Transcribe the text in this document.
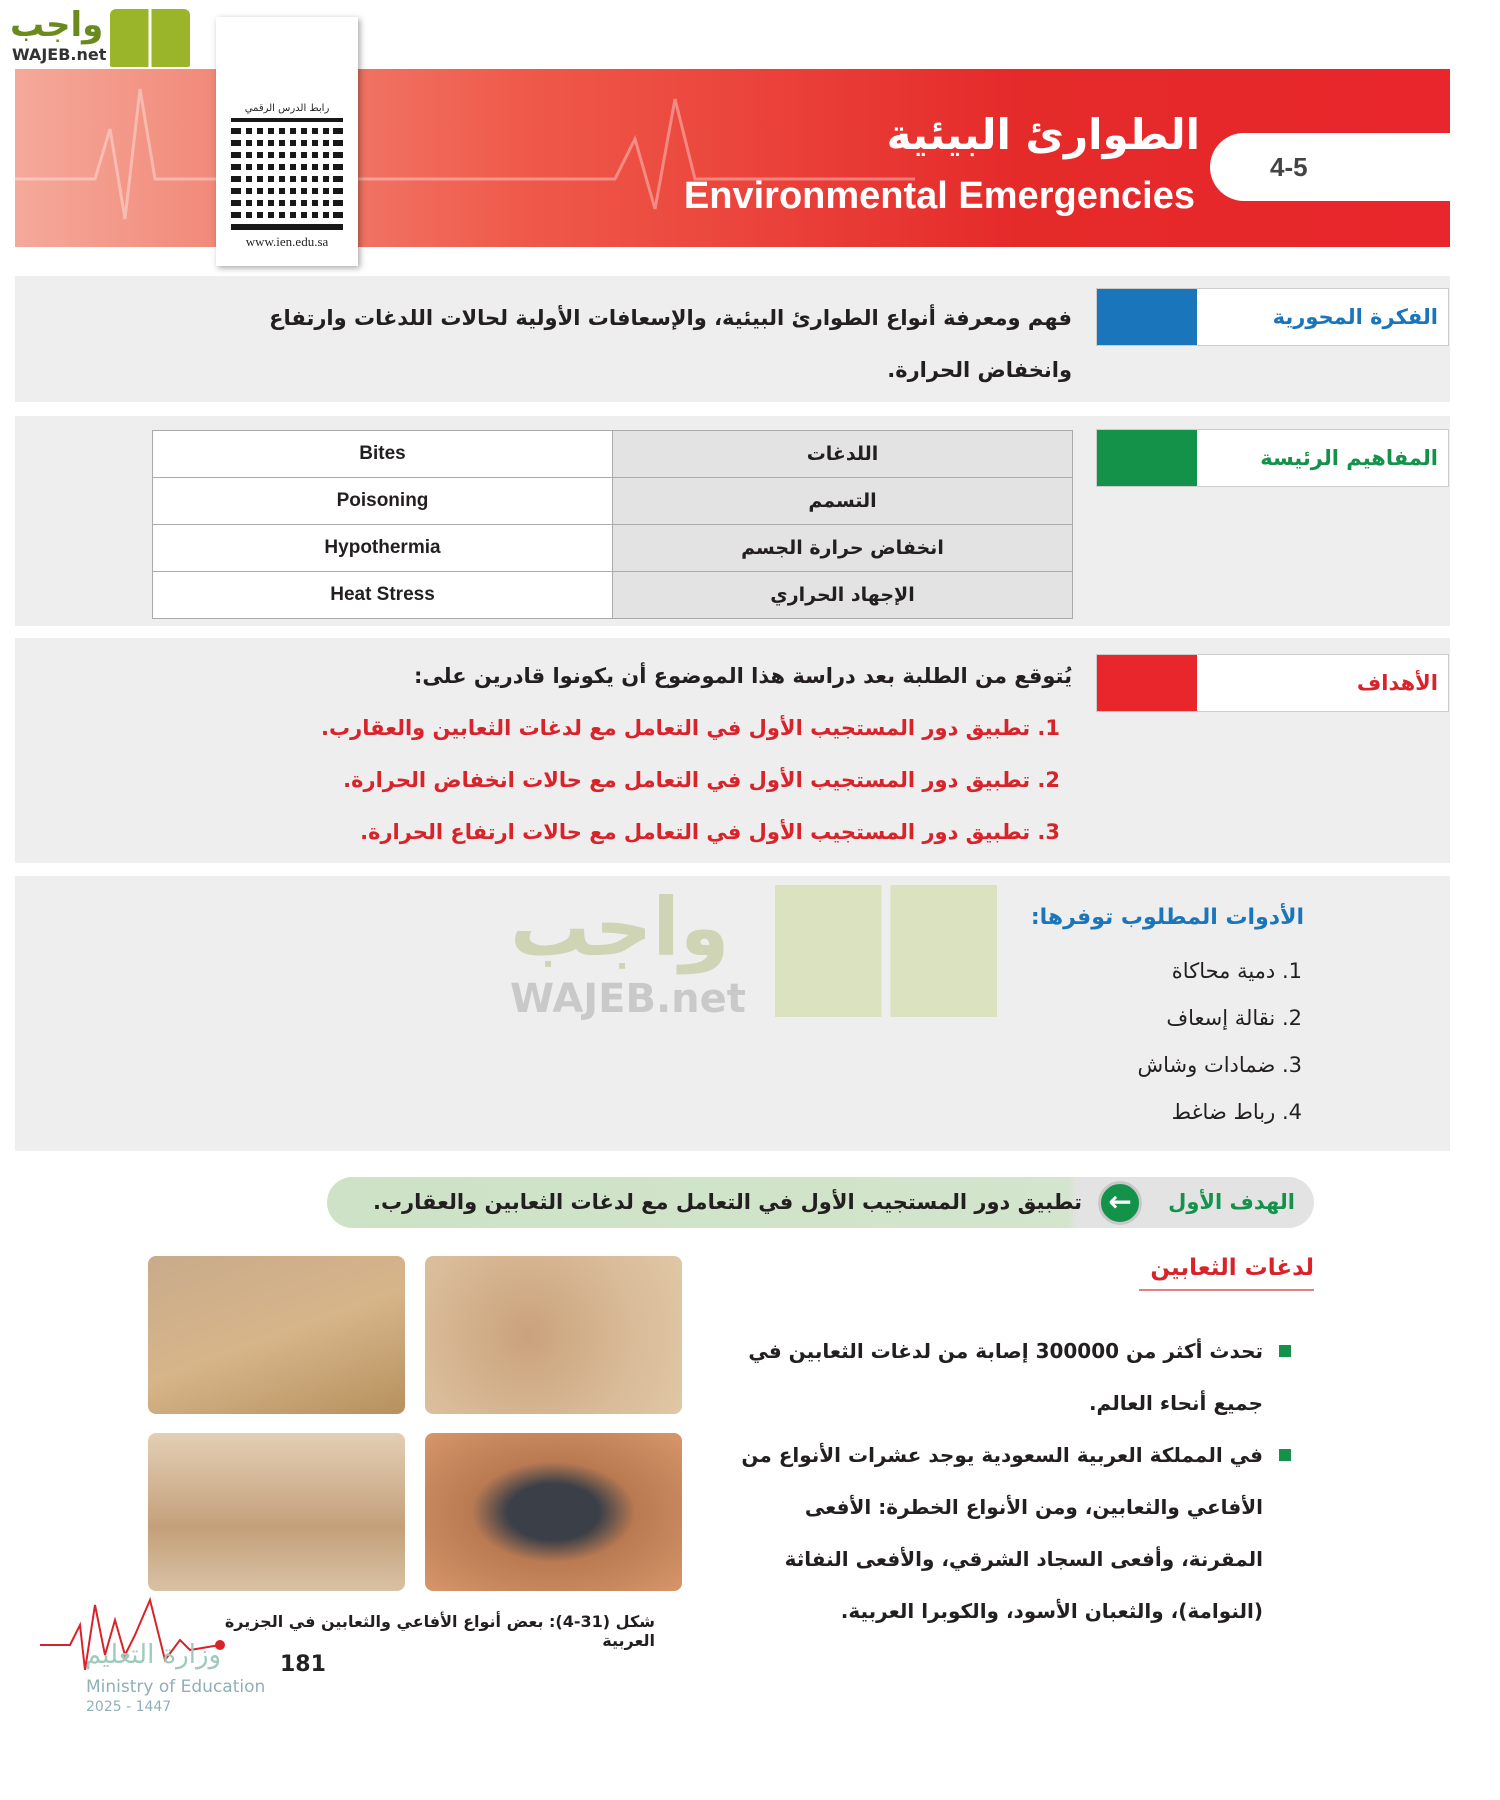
واجب
WAJEB.net
الطوارئ البيئية
Environmental Emergencies
4-5
رابط الدرس الرقمي
www.ien.edu.sa
الفكرة المحورية
فهم ومعرفة أنواع الطوارئ البيئية، والإسعافات الأولية لحالات اللدغات وارتفاع وانخفاض الحرارة.
المفاهيم الرئيسة
Bites	اللدغات
Poisoning	التسمم
Hypothermia	انخفاض حرارة الجسم
Heat Stress	الإجهاد الحراري
الأهداف
يُتوقع من الطلبة بعد دراسة هذا الموضوع أن يكونوا قادرين على:
1. تطبيق دور المستجيب الأول في التعامل مع لدغات الثعابين والعقارب.
2. تطبيق دور المستجيب الأول في التعامل مع حالات انخفاض الحرارة.
3. تطبيق دور المستجيب الأول في التعامل مع حالات ارتفاع الحرارة.
واجب
WAJEB.net
الأدوات المطلوب توفرها:
1. دمية محاكاة
2. نقالة إسعاف
3. ضمادات وشاش
4. رباط ضاغط
الهدف الأول
←
تطبيق دور المستجيب الأول في التعامل مع لدغات الثعابين والعقارب.
لدغات الثعابين
تحدث أكثر من 300000 إصابة من لدغات الثعابين في جميع أنحاء العالم.
في المملكة العربية السعودية يوجد عشرات الأنواع من الأفاعي والثعابين، ومن الأنواع الخطرة: الأفعى المقرنة، وأفعى السجاد الشرقي، والأفعى النفاثة (النوامة)، والثعبان الأسود، والكوبرا العربية.
شكل (31-4): بعض أنواع الأفاعي والثعابين في الجزيرة العربية
وزارة التعليم	181
Ministry of Education
2025 - 1447
